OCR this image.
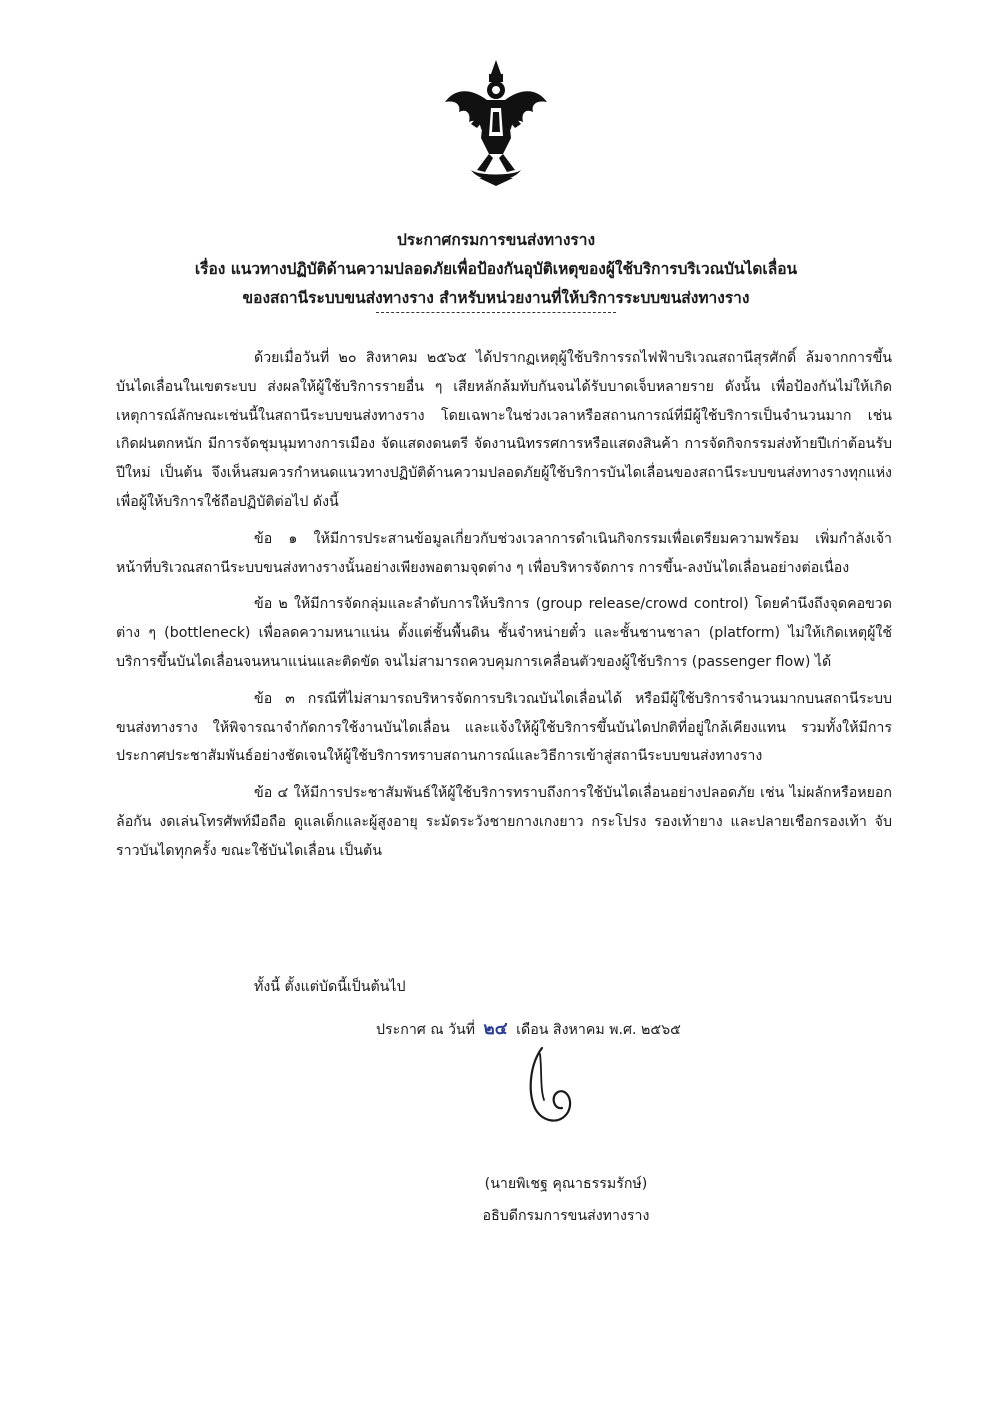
ประกาศกรมการขนส่งทางราง
เรื่อง แนวทางปฏิบัติด้านความปลอดภัยเพื่อป้องกันอุบัติเหตุของผู้ใช้บริการบริเวณบันไดเลื่อน
ของสถานีระบบขนส่งทางราง สำหรับหน่วยงานที่ให้บริการระบบขนส่งทางราง

ด้วยเมื่อวันที่ ๒๐ สิงหาคม ๒๕๖๕ ได้ปรากฏเหตุผู้ใช้บริการรถไฟฟ้าบริเวณสถานีสุรศักดิ์ ล้มจากการขึ้นบันไดเลื่อนในเขตระบบ ส่งผลให้ผู้ใช้บริการรายอื่น ๆ เสียหลักล้มทับกันจนได้รับบาดเจ็บหลายราย ดังนั้น เพื่อป้องกันไม่ให้เกิดเหตุการณ์ลักษณะเช่นนี้ในสถานีระบบขนส่งทางราง โดยเฉพาะในช่วงเวลาหรือสถานการณ์ที่มีผู้ใช้บริการเป็นจำนวนมาก เช่น เกิดฝนตกหนัก มีการจัดชุมนุมทางการเมือง จัดแสดงดนตรี จัดงานนิทรรศการหรือแสดงสินค้า การจัดกิจกรรมส่งท้ายปีเก่าต้อนรับปีใหม่ เป็นต้น จึงเห็นสมควรกำหนดแนวทางปฏิบัติด้านความปลอดภัยผู้ใช้บริการบันไดเลื่อนของสถานีระบบขนส่งทางรางทุกแห่ง เพื่อผู้ให้บริการใช้ถือปฏิบัติต่อไป ดังนี้

ข้อ ๑ ให้มีการประสานข้อมูลเกี่ยวกับช่วงเวลาการดำเนินกิจกรรมเพื่อเตรียมความพร้อม เพิ่มกำลังเจ้าหน้าที่บริเวณสถานีระบบขนส่งทางรางนั้นอย่างเพียงพอตามจุดต่าง ๆ เพื่อบริหารจัดการ การขึ้น-ลงบันไดเลื่อนอย่างต่อเนื่อง

ข้อ ๒ ให้มีการจัดกลุ่มและลำดับการให้บริการ (group release/crowd control) โดยคำนึงถึงจุดคอขวดต่าง ๆ (bottleneck) เพื่อลดความหนาแน่น ตั้งแต่ชั้นพื้นดิน ชั้นจำหน่ายตั๋ว และชั้นชานชาลา (platform) ไม่ให้เกิดเหตุผู้ใช้บริการขึ้นบันไดเลื่อนจนหนาแน่นและติดขัด จนไม่สามารถควบคุมการเคลื่อนตัวของผู้ใช้บริการ (passenger flow) ได้

ข้อ ๓ กรณีที่ไม่สามารถบริหารจัดการบริเวณบันไดเลื่อนได้ หรือมีผู้ใช้บริการจำนวนมากบนสถานีระบบขนส่งทางราง ให้พิจารณาจำกัดการใช้งานบันไดเลื่อน และแจ้งให้ผู้ใช้บริการขึ้นบันไดปกติที่อยู่ใกล้เคียงแทน รวมทั้งให้มีการประกาศประชาสัมพันธ์อย่างชัดเจนให้ผู้ใช้บริการทราบสถานการณ์และวิธีการเข้าสู่สถานีระบบขนส่งทางราง

ข้อ ๔ ให้มีการประชาสัมพันธ์ให้ผู้ใช้บริการทราบถึงการใช้บันไดเลื่อนอย่างปลอดภัย เช่น ไม่ผลักหรือหยอกล้อกัน งดเล่นโทรศัพท์มือถือ ดูแลเด็กและผู้สูงอายุ ระมัดระวังชายกางเกงยาว กระโปรง รองเท้ายาง และปลายเชือกรองเท้า จับราวบันไดทุกครั้ง ขณะใช้บันไดเลื่อน เป็นต้น

ทั้งนี้ ตั้งแต่บัดนี้เป็นต้นไป
ประกาศ ณ วันที่ ๒๔ เดือน สิงหาคม พ.ศ. ๒๕๖๕
(นายพิเชฐ คุณาธรรมรักษ์)
อธิบดีกรมการขนส่งทางราง
